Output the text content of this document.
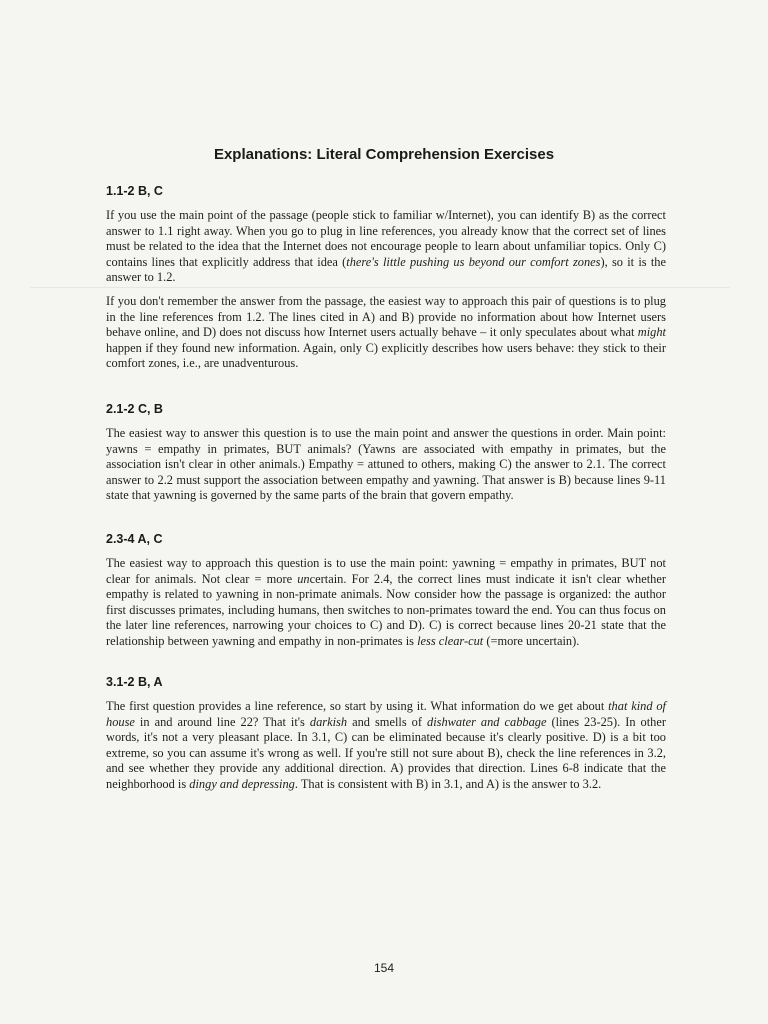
Explanations: Literal Comprehension Exercises
1.1-2 B, C
If you use the main point of the passage (people stick to familiar w/Internet), you can identify B) as the correct answer to 1.1 right away. When you go to plug in line references, you already know that the correct set of lines must be related to the idea that the Internet does not encourage people to learn about unfamiliar topics. Only C) contains lines that explicitly address that idea (there's little pushing us beyond our comfort zones), so it is the answer to 1.2.
If you don't remember the answer from the passage, the easiest way to approach this pair of questions is to plug in the line references from 1.2. The lines cited in A) and B) provide no information about how Internet users behave online, and D) does not discuss how Internet users actually behave – it only speculates about what might happen if they found new information. Again, only C) explicitly describes how users behave: they stick to their comfort zones, i.e., are unadventurous.
2.1-2 C, B
The easiest way to answer this question is to use the main point and answer the questions in order. Main point: yawns = empathy in primates, BUT animals? (Yawns are associated with empathy in primates, but the association isn't clear in other animals.) Empathy = attuned to others, making C) the answer to 2.1. The correct answer to 2.2 must support the association between empathy and yawning. That answer is B) because lines 9-11 state that yawning is governed by the same parts of the brain that govern empathy.
2.3-4 A, C
The easiest way to approach this question is to use the main point: yawning = empathy in primates, BUT not clear for animals. Not clear = more uncertain. For 2.4, the correct lines must indicate it isn't clear whether empathy is related to yawning in non-primate animals. Now consider how the passage is organized: the author first discusses primates, including humans, then switches to non-primates toward the end. You can thus focus on the later line references, narrowing your choices to C) and D). C) is correct because lines 20-21 state that the relationship between yawning and empathy in non-primates is less clear-cut (=more uncertain).
3.1-2 B, A
The first question provides a line reference, so start by using it. What information do we get about that kind of house in and around line 22? That it's darkish and smells of dishwater and cabbage (lines 23-25). In other words, it's not a very pleasant place. In 3.1, C) can be eliminated because it's clearly positive. D) is a bit too extreme, so you can assume it's wrong as well. If you're still not sure about B), check the line references in 3.2, and see whether they provide any additional direction. A) provides that direction. Lines 6-8 indicate that the neighborhood is dingy and depressing. That is consistent with B) in 3.1, and A) is the answer to 3.2.
154
